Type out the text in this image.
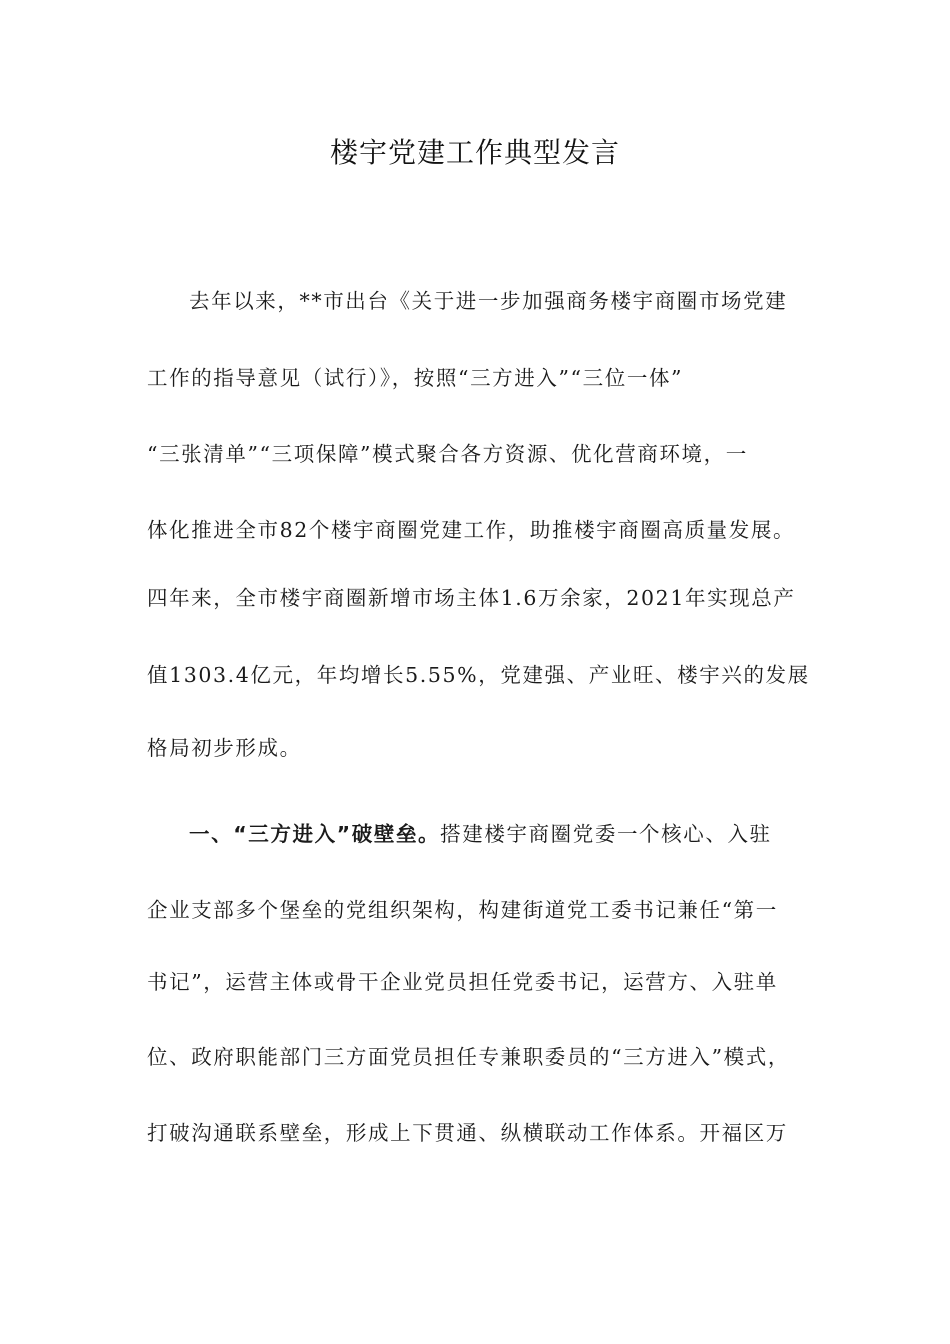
楼宇党建工作典型发言
去年以来，**市出台《关于进一步加强商务楼宇商圈市场党建
工作的指导意见（试行）》，按照“三方进入”“三位一体”
“三张清单”“三项保障”模式聚合各方资源、优化营商环境，一
体化推进全市82个楼宇商圈党建工作，助推楼宇商圈高质量发展。
四年来，全市楼宇商圈新增市场主体1.6万余家，2021年实现总产
值1303.4亿元，年均增长5.55%，党建强、产业旺、楼宇兴的发展
格局初步形成。
一、“三方进入”破壁垒。搭建楼宇商圈党委一个核心、入驻
企业支部多个堡垒的党组织架构，构建街道党工委书记兼任“第一
书记”，运营主体或骨干企业党员担任党委书记，运营方、入驻单
位、政府职能部门三方面党员担任专兼职委员的“三方进入”模式，
打破沟通联系壁垒，形成上下贯通、纵横联动工作体系。开福区万
